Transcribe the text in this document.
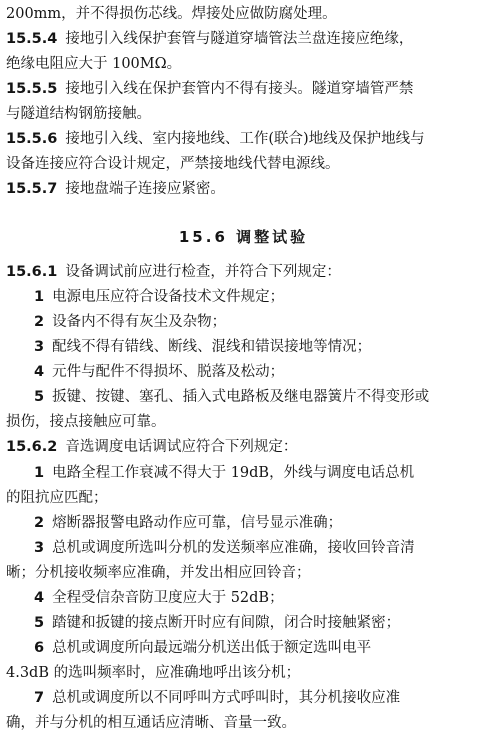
200mm，并不得损伤芯线。焊接处应做防腐处理。
15.5.4 接地引入线保护套管与隧道穿墙管法兰盘连接应绝缘，
绝缘电阻应大于 100MΩ。
15.5.5 接地引入线在保护套管内不得有接头。隧道穿墙管严禁
与隧道结构钢筋接触。
15.5.6 接地引入线、室内接地线、工作(联合)地线及保护地线与
设备连接应符合设计规定，严禁接地线代替电源线。
15.5.7 接地盘端子连接应紧密。
15.6 调整试验
15.6.1 设备调试前应进行检查，并符合下列规定：
1 电源电压应符合设备技术文件规定；
2 设备内不得有灰尘及杂物；
3 配线不得有错线、断线、混线和错误接地等情况；
4 元件与配件不得损坏、脱落及松动；
5 扳键、按键、塞孔、插入式电路板及继电器簧片不得变形或
损伤，接点接触应可靠。
15.6.2 音选调度电话调试应符合下列规定：
1 电路全程工作衰减不得大于 19dB，外线与调度电话总机
的阻抗应匹配；
2 熔断器报警电路动作应可靠，信号显示准确；
3 总机或调度所选叫分机的发送频率应准确，接收回铃音清
晰；分机接收频率应准确，并发出相应回铃音；
4 全程受信杂音防卫度应大于 52dB；
5 踏键和扳键的接点断开时应有间隙，闭合时接触紧密；
6 总机或调度所向最远端分机送出低于额定选叫电平
4.3dB 的选叫频率时，应准确地呼出该分机；
7 总机或调度所以不同呼叫方式呼叫时，其分机接收应准
确，并与分机的相互通话应清晰、音量一致。
